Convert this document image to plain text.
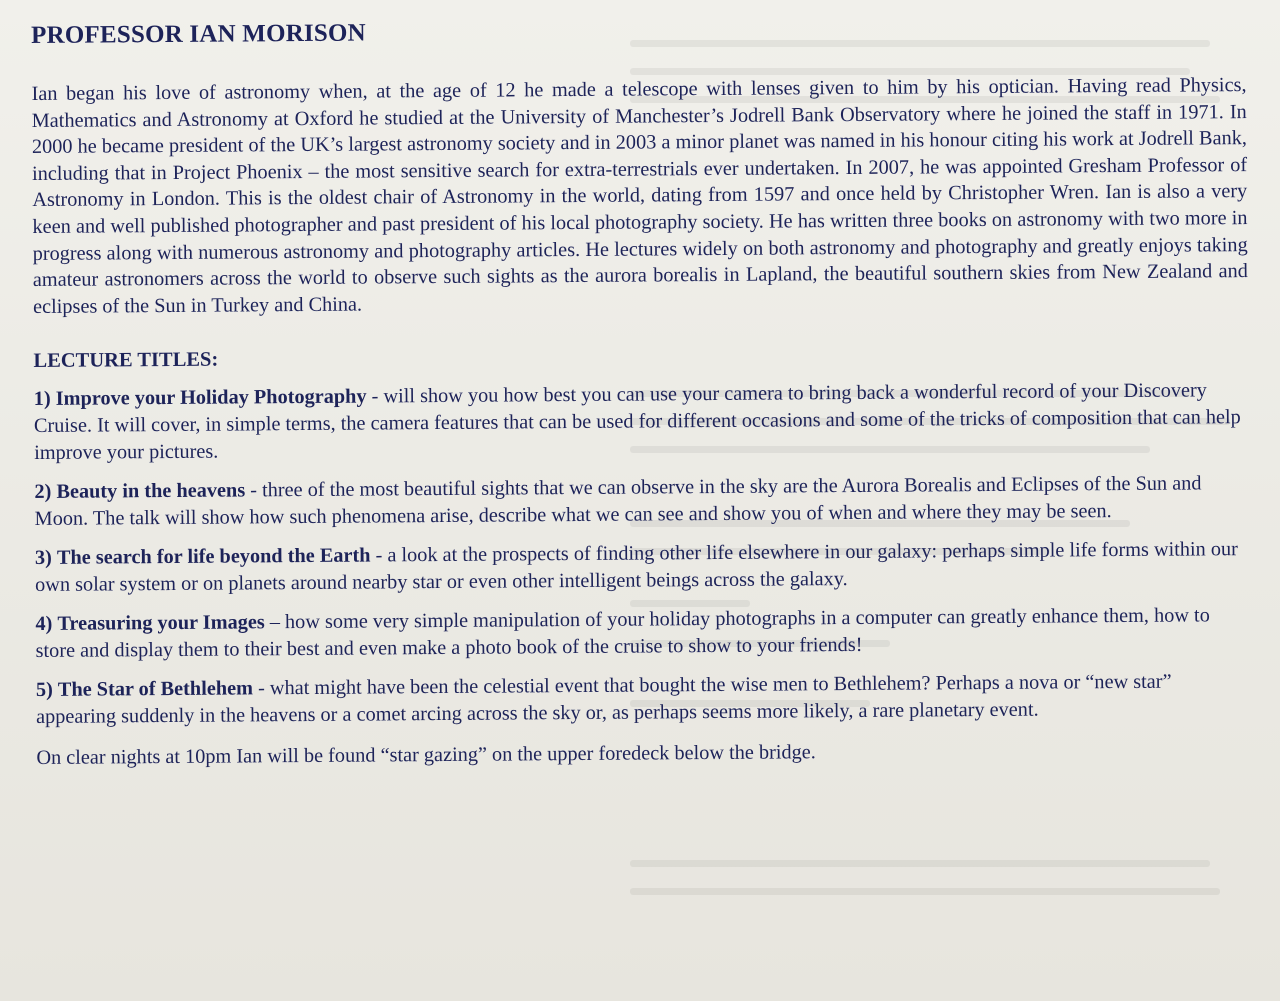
PROFESSOR IAN MORISON

Ian began his love of astronomy when, at the age of 12 he made a telescope with lenses given to him by his optician. Having read Physics, Mathematics and Astronomy at Oxford he studied at the University of Manchester’s Jodrell Bank Observatory where he joined the staff in 1971. In 2000 he became president of the UK’s largest astronomy society and in 2003 a minor planet was named in his honour citing his work at Jodrell Bank, including that in Project Phoenix – the most sensitive search for extra-terrestrials ever undertaken. In 2007, he was appointed Gresham Professor of Astronomy in London. This is the oldest chair of Astronomy in the world, dating from 1597 and once held by Christopher Wren. Ian is also a very keen and well published photographer and past president of his local photography society. He has written three books on astronomy with two more in progress along with numerous astronomy and photography articles. He lectures widely on both astronomy and photography and greatly enjoys taking amateur astronomers across the world to observe such sights as the aurora borealis in Lapland, the beautiful southern skies from New Zealand and eclipses of the Sun in Turkey and China.

LECTURE TITLES:

1) Improve your Holiday Photography - will show you how best you can use your camera to bring back a wonderful record of your Discovery Cruise. It will cover, in simple terms, the camera features that can be used for different occasions and some of the tricks of composition that can help improve your pictures.

2) Beauty in the heavens - three of the most beautiful sights that we can observe in the sky are the Aurora Borealis and Eclipses of the Sun and Moon. The talk will show how such phenomena arise, describe what we can see and show you of when and where they may be seen.

3) The search for life beyond the Earth - a look at the prospects of finding other life elsewhere in our galaxy: perhaps simple life forms within our own solar system or on planets around nearby star or even other intelligent beings across the galaxy.

4) Treasuring your Images – how some very simple manipulation of your holiday photographs in a computer can greatly enhance them, how to store and display them to their best and even make a photo book of the cruise to show to your friends!

5) The Star of Bethlehem - what might have been the celestial event that bought the wise men to Bethlehem? Perhaps a nova or “new star” appearing suddenly in the heavens or a comet arcing across the sky or, as perhaps seems more likely, a rare planetary event.

On clear nights at 10pm Ian will be found “star gazing” on the upper foredeck below the bridge.
